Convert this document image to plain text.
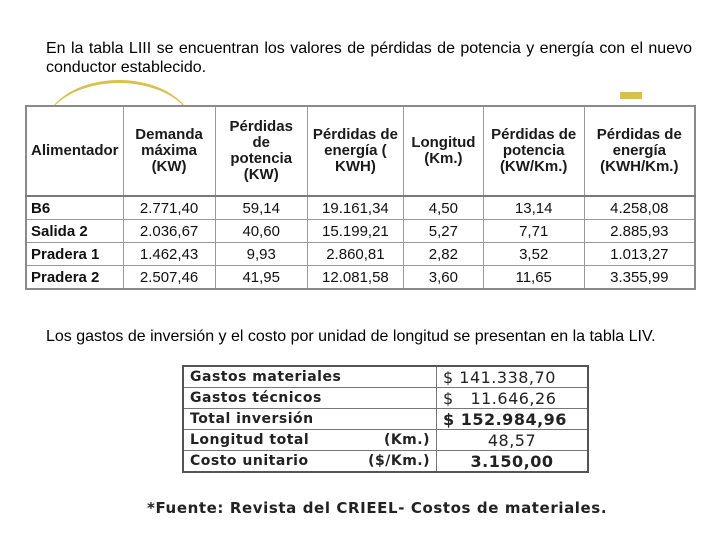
En la tabla LIII se encuentran los valores de pérdidas de potencia y energía con el nuevo conductor establecido.

Alimentador	Demanda máxima (KW)	Pérdidas de potencia (KW)	Pérdidas de energía ( KWH)	Longitud (Km.)	Pérdidas de potencia (KW/Km.)	Pérdidas de energía (KWH/Km.)
B6	2.771,40	59,14	19.161,34	4,50	13,14	4.258,08
Salida 2	2.036,67	40,60	15.199,21	5,27	7,71	2.885,93
Pradera 1	1.462,43	9,93	2.860,81	2,82	3,52	1.013,27
Pradera 2	2.507,46	41,95	12.081,58	3,60	11,65	3.355,99

Los gastos de inversión y el costo por unidad de longitud se presentan en la tabla LIV.

Gastos materiales	$ 141.338,70
Gastos técnicos	$   11.646,26
Total inversión	$ 152.984,96
Longitud total (Km.)	48,57
Costo unitario ($/Km.)	3.150,00

*Fuente: Revista del CRIEEL- Costos de materiales.
